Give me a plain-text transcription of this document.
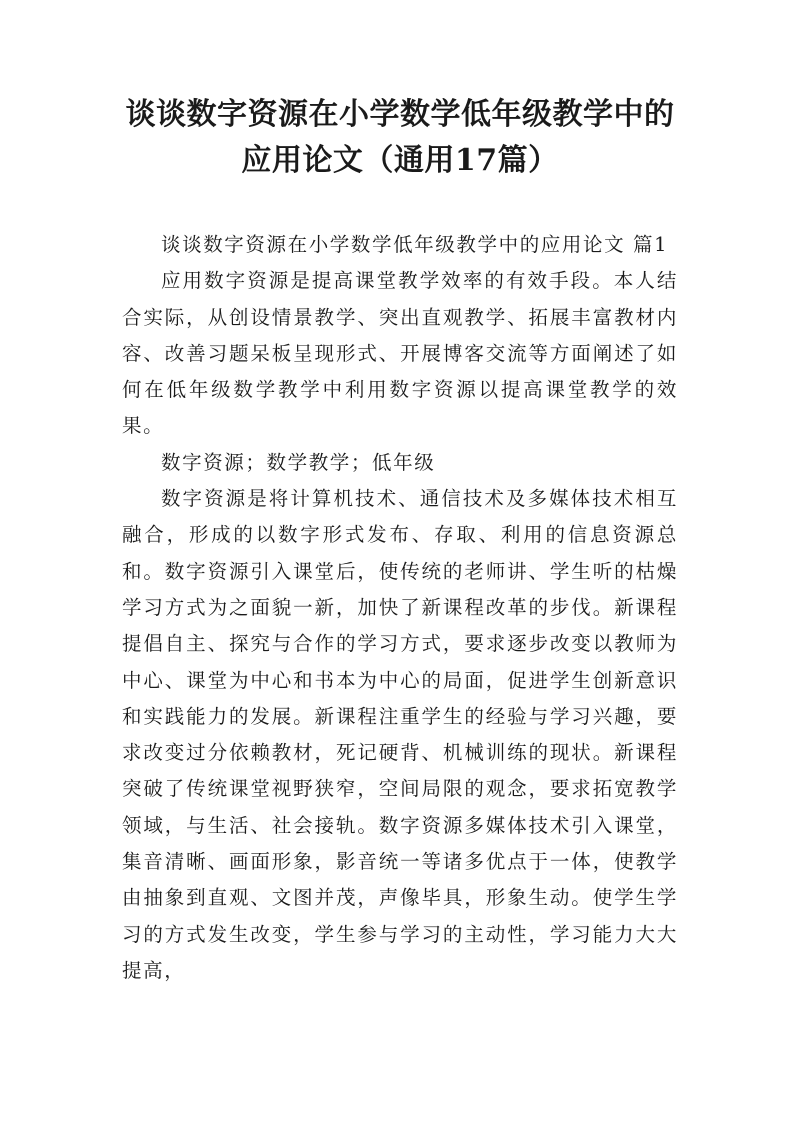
谈谈数字资源在小学数学低年级教学中的
应用论文（通用17篇）

谈谈数字资源在小学数学低年级教学中的应用论文 篇1

应用数字资源是提高课堂教学效率的有效手段。本人结合实际，从创设情景教学、突出直观教学、拓展丰富教材内容、改善习题呆板呈现形式、开展博客交流等方面阐述了如何在低年级数学教学中利用数字资源以提高课堂教学的效果。

数字资源；数学教学；低年级

数字资源是将计算机技术、通信技术及多媒体技术相互融合，形成的以数字形式发布、存取、利用的信息资源总和。数字资源引入课堂后，使传统的老师讲、学生听的枯燥学习方式为之面貌一新，加快了新课程改革的步伐。新课程提倡自主、探究与合作的学习方式，要求逐步改变以教师为中心、课堂为中心和书本为中心的局面，促进学生创新意识和实践能力的发展。新课程注重学生的经验与学习兴趣，要求改变过分依赖教材，死记硬背、机械训练的现状。新课程突破了传统课堂视野狭窄，空间局限的观念，要求拓宽教学领域，与生活、社会接轨。数字资源多媒体技术引入课堂，集音清晰、画面形象，影音统一等诸多优点于一体，使教学由抽象到直观、文图并茂，声像毕具，形象生动。使学生学习的方式发生改变，学生参与学习的主动性，学习能力大大提高，
